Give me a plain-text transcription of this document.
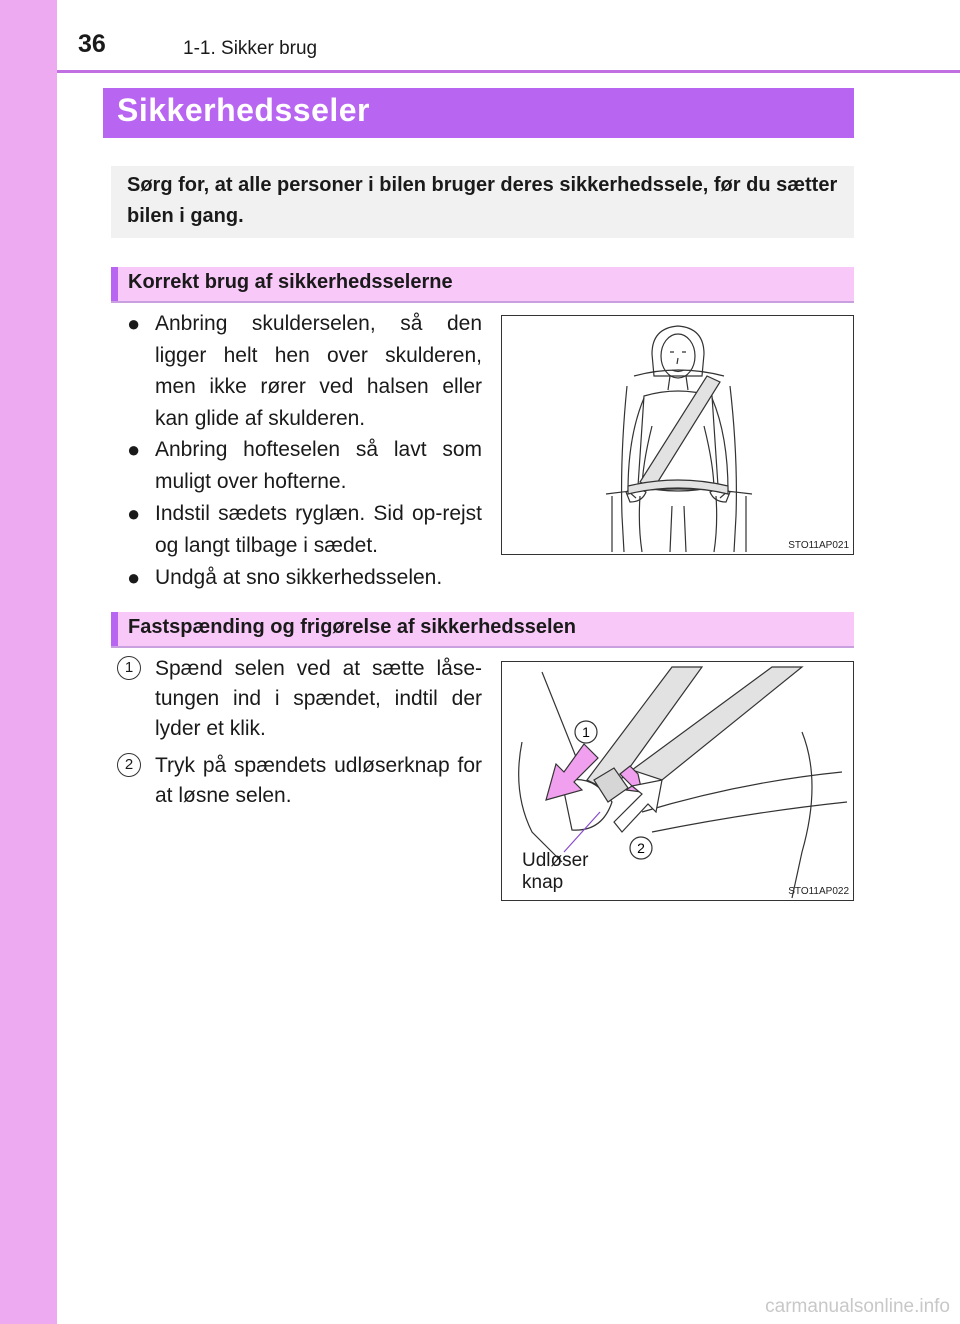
36	1-1. Sikker brug
Sikkerhedsseler
Sørg for, at alle personer i bilen bruger deres sikkerhedssele, før du sætter bilen i gang.
Korrekt brug af sikkerhedsselerne
● Anbring skulderselen, så den ligger helt hen over skulderen, men ikke rører ved halsen eller kan glide af skulderen.
● Anbring hofteselen så lavt som muligt over hofterne.
● Indstil sædets ryglæn. Sid op-rejst og langt tilbage i sædet.
● Undgå at sno sikkerhedsselen.
STO11AP021
Fastspænding og frigørelse af sikkerhedsselen
1	Spænd selen ved at sætte låse-tungen ind i spændet, indtil der lyder et klik.
2	Tryk på spændets udløserknap for at løsne selen.
1
2
Udløser
knap	STO11AP022
carmanualsonline.info
